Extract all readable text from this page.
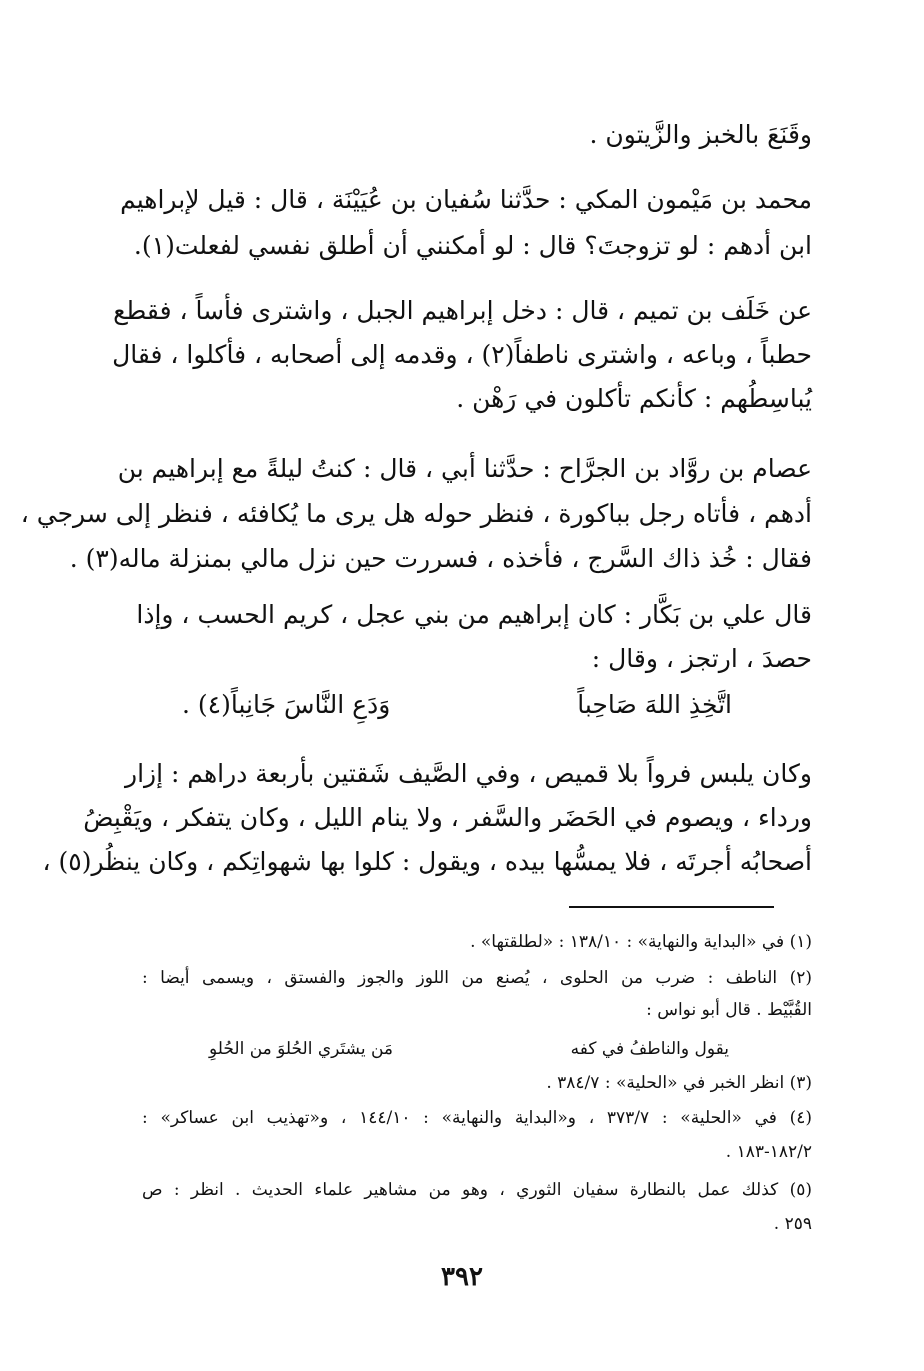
وقَنَعَ بالخبز والزَّيتون .
محمد بن مَيْمون المكي : حدَّثنا سُفيان بن عُيَيْنَة ، قال : قيل لإبراهيم
ابن أدهم : لو تزوجتَ؟ قال : لو أمكنني أن أطلق نفسي لفعلت(١).
عن خَلَف بن تميم ، قال : دخل إبراهيم الجبل ، واشترى فأساً ، فقطع
حطباً ، وباعه ، واشترى ناطفاً(٢) ، وقدمه إلى أصحابه ، فأكلوا ، فقال
يُباسِطُهم : كأنكم تأكلون في رَهْن .
عصام بن روَّاد بن الجرَّاح : حدَّثنا أبي ، قال : كنتُ ليلةً مع إبراهيم بن
أدهم ، فأتاه رجل بباكورة ، فنظر حوله هل يرى ما يُكافئه ، فنظر إلى سرجي ،
فقال : خُذ ذاك السَّرج ، فأخذه ، فسررت حين نزل مالي بمنزلة ماله(٣) .
قال علي بن بَكَّار : كان إبراهيم من بني عجل ، كريم الحسب ، وإذا
حصدَ ، ارتجز ، وقال :
اتَّخِذِ اللهَ صَاحِباً
وَدَعِ النَّاسَ جَانِباً(٤) .
وكان يلبس فرواً بلا قميص ، وفي الصَّيف شَقتين بأربعة دراهم : إزار
ورداء ، ويصوم في الحَضَر والسَّفر ، ولا ينام الليل ، وكان يتفكر ، ويَقْبِضُ
أصحابُه أجرتَه ، فلا يمسُّها بيده ، ويقول : كلوا بها شهواتِكم ، وكان ينظُر(٥) ،
(١) في «البداية والنهاية» : ١٣٨/١٠ : «لطلقتها» .
(٢) الناطف : ضرب من الحلوى ، يُصنع من اللوز والجوز والفستق ، ويسمى أيضا :
القُبَّيْط . قال أبو نواس :
يقول والناطفُ في كفه
مَن يشتَري الحُلوَ من الحُلوِ
(٣) انظر الخبر في «الحلية» : ٣٨٤/٧ .
(٤) في «الحلية» : ٣٧٣/٧ ، و«البداية والنهاية» : ١٤٤/١٠ ، و«تهذيب ابن عساكر» :
١٨٢/٢-١٨٣ .
(٥) كذلك عمل بالنطارة سفيان الثوري ، وهو من مشاهير علماء الحديث . انظر : ص
٢٥٩ .
٣٩٢
